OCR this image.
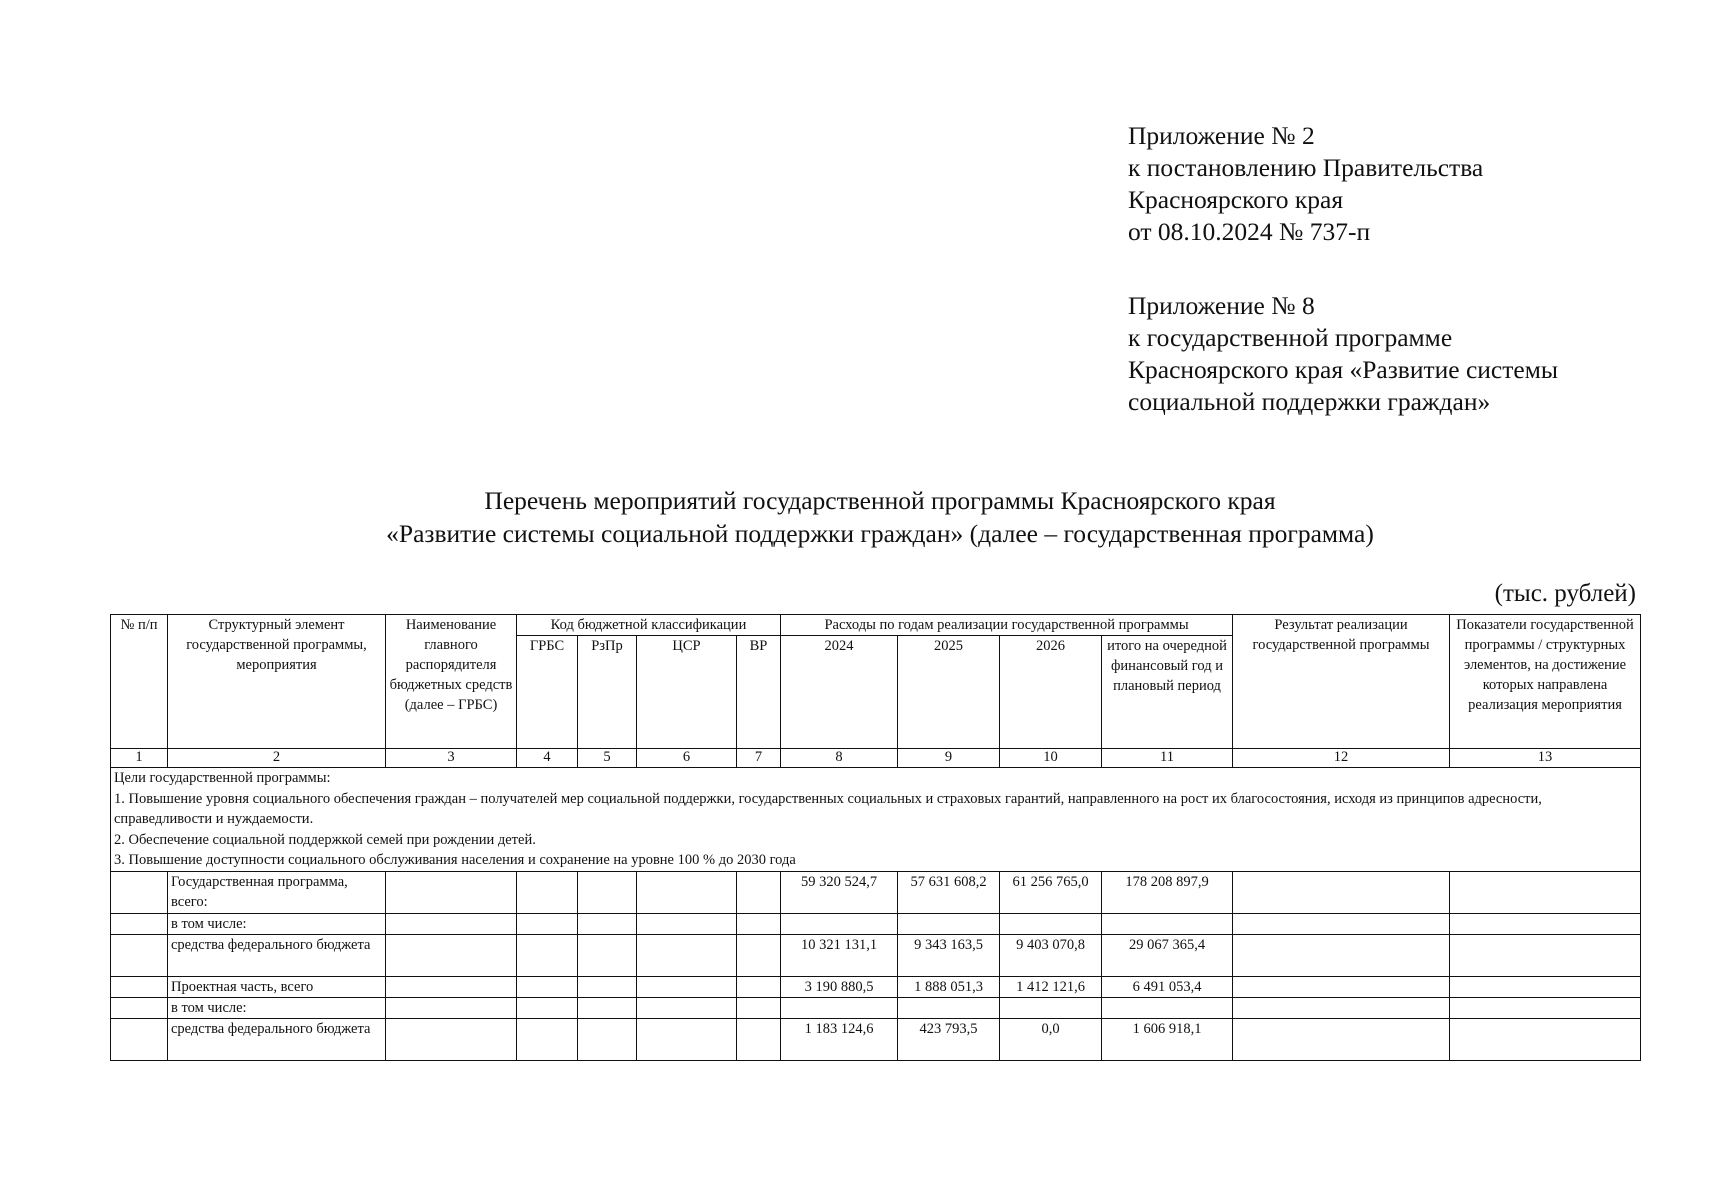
Приложение № 2
к постановлению Правительства
Красноярского края
от 08.10.2024 № 737-п
Приложение № 8
к государственной программе
Красноярского края «Развитие системы
социальной поддержки граждан»
Перечень мероприятий государственной программы Красноярского края
«Развитие системы социальной поддержки граждан» (далее – государственная программа)
(тыс. рублей)
№ п/п	Структурный элемент государственной программы, мероприятия	Наименование главного распорядителя бюджетных средств (далее – ГРБС)	Код бюджетной классификации				Расходы по годам реализации государственной программы				Результат реализации государственной программы	Показатели государственной программы / структурных элементов, на достижение которых направлена реализация мероприятия
			ГРБС	РзПр	ЦСР	ВР	2024	2025	2026	итого на очередной финансовый год и плановый период		
1	2	3	4	5	6	7	8	9	10	11	12	13

Цели государственной программы:
1. Повышение уровня социального обеспечения граждан – получателей мер социальной поддержки, государственных социальных и страховых гарантий, направленного на рост их благосостояния, исходя из принципов адресности, справедливости и нуждаемости.
2. Обеспечение социальной поддержкой семей при рождении детей.
3. Повышение доступности социального обслуживания населения и сохранение на уровне 100 % до 2030 года												

	Государственная программа, всего:						59 320 524,7	57 631 608,2	61 256 765,0	178 208 897,9		
	в том числе:											
	средства федерального бюджета						10 321 131,1	9 343 163,5	9 403 070,8	29 067 365,4		
	Проектная часть, всего						3 190 880,5	1 888 051,3	1 412 121,6	6 491 053,4		
	в том числе:											
	средства федерального бюджета						1 183 124,6	423 793,5	0,0	1 606 918,1		
